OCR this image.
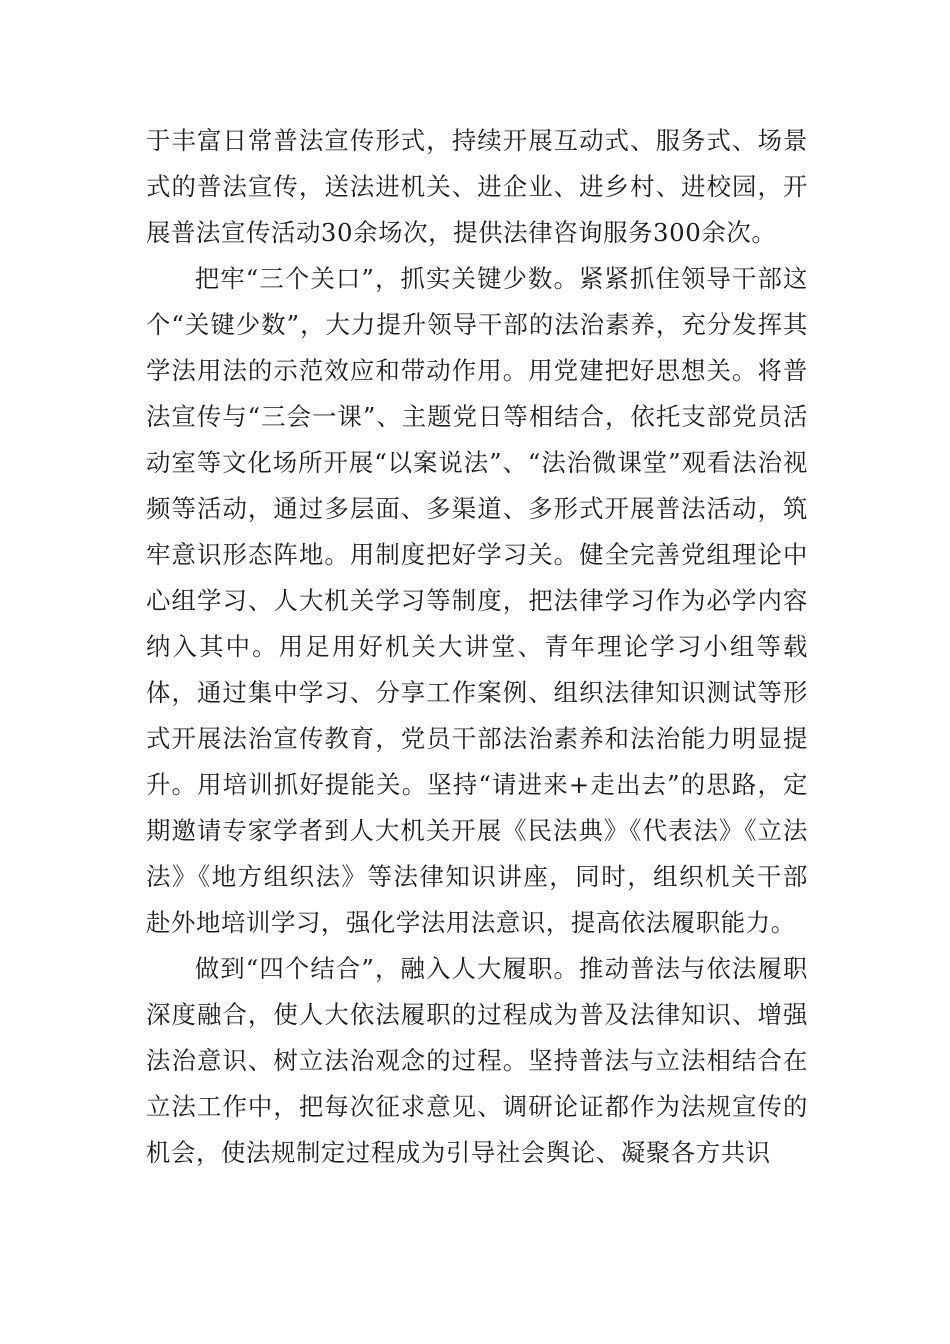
于丰富日常普法宣传形式，持续开展互动式、服务式、场景式的普法宣传，送法进机关、进企业、进乡村、进校园，开展普法宣传活动30余场次，提供法律咨询服务300余次。

把牢“三个关口”，抓实关键少数。紧紧抓住领导干部这个“关键少数”，大力提升领导干部的法治素养，充分发挥其学法用法的示范效应和带动作用。用党建把好思想关。将普法宣传与“三会一课”、主题党日等相结合，依托支部党员活动室等文化场所开展“以案说法”、“法治微课堂”观看法治视频等活动，通过多层面、多渠道、多形式开展普法活动，筑牢意识形态阵地。用制度把好学习关。健全完善党组理论中心组学习、人大机关学习等制度，把法律学习作为必学内容纳入其中。用足用好机关大讲堂、青年理论学习小组等载体，通过集中学习、分享工作案例、组织法律知识测试等形式开展法治宣传教育，党员干部法治素养和法治能力明显提升。用培训抓好提能关。坚持“请进来+走出去”的思路，定期邀请专家学者到人大机关开展《民法典》《代表法》《立法法》《地方组织法》等法律知识讲座，同时，组织机关干部赴外地培训学习，强化学法用法意识，提高依法履职能力。

做到“四个结合”，融入人大履职。推动普法与依法履职深度融合，使人大依法履职的过程成为普及法律知识、增强法治意识、树立法治观念的过程。坚持普法与立法相结合在立法工作中，把每次征求意见、调研论证都作为法规宣传的机会，使法规制定过程成为引导社会舆论、凝聚各方共识
